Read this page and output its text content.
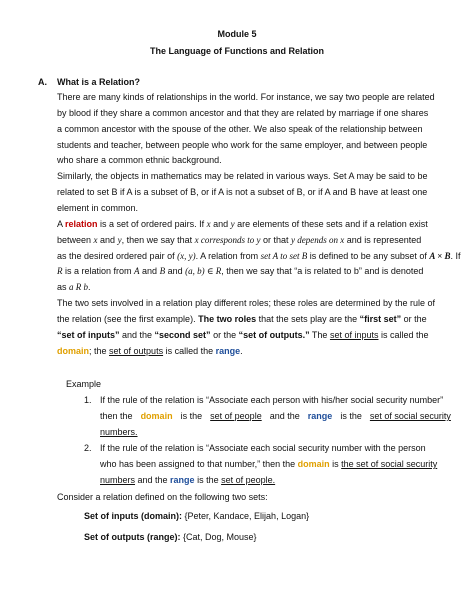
Module 5
The Language of Functions and Relation
A. What is a Relation?
There are many kinds of relationships in the world. For instance, we say two people are related
by blood if they share a common ancestor and that they are related by marriage if one shares
a common ancestor with the spouse of the other. We also speak of the relationship between
students and teacher, between people who work for the same employer, and between people
who share a common ethnic background.
Similarly, the objects in mathematics may be related in various ways. Set A may be said to be
related to set B if A is a subset of B, or if A is not a subset of B, or if A and B have at least one
element in common.
A relation is a set of ordered pairs. If x and y are elements of these sets and if a relation exist
between x and y, then we say that x corresponds to y or that y depends on x and is represented
as the desired ordered pair of (x, y). A relation from set A to set B is defined to be any subset of A × B. If
R is a relation from A and B and (a, b) ∈ R, then we say that “a is related to b” and is denoted
as a R b.
The two sets involved in a relation play different roles; these roles are determined by the rule of
the relation (see the first example). The two roles that the sets play are the “first set” or the
“set of inputs” and the “second set” or the “set of outputs.” The set of inputs is called the
domain; the set of outputs is called the range.
Example
1. If the rule of the relation is “Associate each person with his/her social security number”
then the domain is the set of people and the range is the set of social security
numbers.
2. If the rule of the relation is “Associate each social security number with the person
who has been assigned to that number,” then the domain is the set of social security
numbers and the range is the set of people.
Consider a relation defined on the following two sets:
Set of inputs (domain): {Peter, Kandace, Elijah, Logan}
Set of outputs (range): {Cat, Dog, Mouse}
